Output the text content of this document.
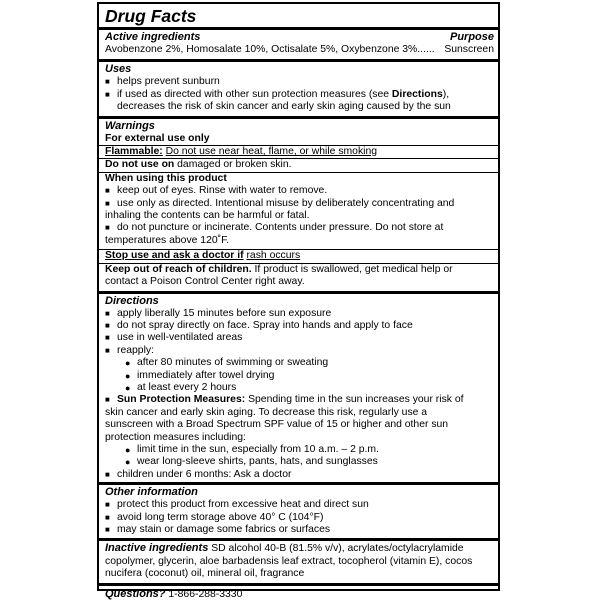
Drug Facts
Active ingredients	Purpose
Avobenzone 2%, Homosalate 10%, Octisalate 5%, Oxybenzone 3%...... Sunscreen
Uses
■ helps prevent sunburn
■ if used as directed with other sun protection measures (see Directions),
decreases the risk of skin cancer and early skin aging caused by the sun
Warnings
For external use only
Flammable: Do not use near heat, flame, or while smoking
Do not use on damaged or broken skin.
When using this product
■ keep out of eyes. Rinse with water to remove.
■ use only as directed. Intentional misuse by deliberately concentrating and
inhaling the contents can be harmful or fatal.
■ do not puncture or incinerate. Contents under pressure. Do not store at
temperatures above 120˚F.
Stop use and ask a doctor if rash occurs
Keep out of reach of children. If product is swallowed, get medical help or
contact a Poison Control Center right away.
Directions
■ apply liberally 15 minutes before sun exposure
■ do not spray directly on face. Spray into hands and apply to face
■ use in well-ventilated areas
■ reapply:
● after 80 minutes of swimming or sweating
● immediately after towel drying
● at least every 2 hours
■ Sun Protection Measures: Spending time in the sun increases your risk of
skin cancer and early skin aging. To decrease this risk, regularly use a
sunscreen with a Broad Spectrum SPF value of 15 or higher and other sun
protection measures including:
● limit time in the sun, especially from 10 a.m. – 2 p.m.
● wear long-sleeve shirts, pants, hats, and sunglasses
■ children under 6 months: Ask a doctor
Other information
■ protect this product from excessive heat and direct sun
■ avoid long term storage above 40° C (104°F)
■ may stain or damage some fabrics or surfaces
Inactive ingredients SD alcohol 40-B (81.5% v/v), acrylates/octylacrylamide
copolymer, glycerin, aloe barbadensis leaf extract, tocopherol (vitamin E), cocos
nucifera (coconut) oil, mineral oil, fragrance
Questions? 1-866-288-3330
